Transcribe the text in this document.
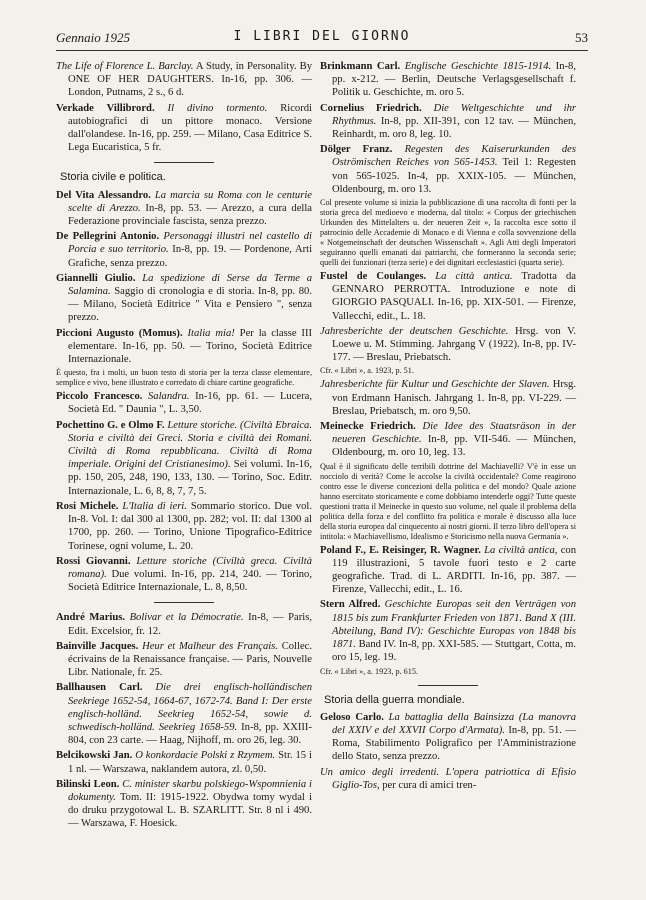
Gennaio 1925	I LIBRI DEL GIORNO	53
The Life of Florence L. Barclay. A Study, in Personality. By ONE OF HER DAUGHTERS. In-16, pp. 306. — London, Putnams, 2 s., 6 d.
Verkade Villibrord. Il divino tormento. Ricordi autobiografici di un pittore monaco. Versione dall'olandese. In-16, pp. 259. — Milano, Casa Editrice S. Lega Eucaristica, 5 fr.
Storia civile e politica.
Del Vita Alessandro. La marcia su Roma con le centurie scelte di Arezzo. In-8, pp. 53. — Arezzo, a cura della Federazione provinciale fascista, senza prezzo.
De Pellegrini Antonio. Personaggi illustri nel castello di Porcia e suo territorio. In-8, pp. 19. — Pordenone, Arti Grafiche, senza prezzo.
Giannelli Giulio. La spedizione di Serse da Terme a Salamina. Saggio di cronologia e di storia. In-8, pp. 80. — Milano, Società Editrice " Vita e Pensiero ", senza prezzo.
Piccioni Augusto (Momus). Italia mia! Per la classe III elementare. In-16, pp. 50. — Torino, Società Editrice Internazionale.
È questo, fra i molti, un buon testo di storia per la terza classe elementare, semplice e vivo, bene illustrato e corredato di chiare cartine geografiche.
Piccolo Francesco. Salandra. In-16, pp. 61. — Lucera, Società Ed. " Daunia ", L. 3,50.
Pochettino G. e Olmo F. Letture storiche. (Civiltà Ebraica. Storia e civiltà dei Greci. Storia e civiltà dei Romani. Civiltà di Roma repubblicana. Civiltà di Roma imperiale. Origini del Cristianesimo). Sei volumi. In-16, pp. 150, 205, 248, 190, 133, 130. — Torino, Soc. Editr. Internazionale, L. 6, 8, 8, 7, 7, 5.
Rosi Michele. L'Italia di ieri. Sommario storico. Due vol. In-8. Vol. I: dal 300 al 1300, pp. 282; vol. II: dal 1300 al 1700, pp. 260. — Torino, Unione Tipografico-Editrice Torinese, ogni volume, L. 20.
Rossi Giovanni. Letture storiche (Civiltà greca. Civiltà romana). Due volumi. In-16, pp. 214, 240. — Torino, Società Editrice Internazionale, L. 8, 8,50.
André Marius. Bolivar et la Démocratie. In-8, — Paris, Edit. Excelsior, fr. 12.
Bainville Jacques. Heur et Malheur des Français. Collec. écrivains de la Renaissance française. — Paris, Nouvelle Libr. Nationale, fr. 25.
Ballhausen Carl. Die drei englisch-holländischen Seekriege 1652-54, 1664-67, 1672-74. Band I: Der erste englisch-holländ. Seekrieg 1652-54, sowie d. schwedisch-holländ. Seekrieg 1658-59. In-8, pp. XXIII-804, con 23 carte. — Haag, Nijhoff, m. oro 26, leg. 30.
Belcikowski Jan. O konkordacie Polski z Rzymem. Str. 15 i 1 nl. — Warszawa, naklandem autora, zl. 0,50.
Bilinski Leon. C. minister skarbu polskiego-Wspomnienia i dokumenty. Tom. II: 1915-1922. Obydwa tomy wydal i do druku przygotowal L. B. SZARLITT. Str. 8 nl i 490. — Warszawa, F. Hoesick.
Brinkmann Carl. Englische Geschichte 1815-1914. In-8, pp. x-212. — Berlin, Deutsche Verlagsgesellschaft f. Politik u. Geschichte, m. oro 5.
Cornelius Friedrich. Die Weltgeschichte und ihr Rhythmus. In-8, pp. XII-391, con 12 tav. — München, Reinhardt, m. oro 8, leg. 10.
Dölger Franz. Regesten des Kaiserurkunden des Oströmischen Reiches von 565-1453. Teil 1: Regesten von 565-1025. In-4, pp. XXIX-105. — München, Oldenbourg, m. oro 13.
Col presente volume si inizia la pubblicazione di una raccolta di fonti per la storia greca del medioevo e moderna, dal titolo: « Corpus der griechischen Urkunden des Mittelalters u. der neueren Zeit », la raccolta esce sotto il patrocinio delle Accademie di Monaco e di Vienna e colla sovvenzione della « Notgemeinschaft der deutschen Wissenschaft ». Agli Atti degli Imperatori seguiranno quelli emanati dai patriarchi, che formeranno la seconda serie; quelli dei funzionari (terza serie) e dei dignitari ecclesiastici (quarta serie).
Fustel de Coulanges. La città antica. Tradotta da GENNARO PERROTTA. Introduzione e note di GIORGIO PASQUALI. In-16, pp. XIX-501. — Firenze, Vallecchi, edit., L. 18.
Jahresberichte der deutschen Geschichte. Hrsg. von V. Loewe u. M. Stimming. Jahrgang V (1922). In-8, pp. IV-177. — Breslau, Priebatsch.
Cfr. « Libri », a. 1923, p. 51.
Jahresberichte für Kultur und Geschichte der Slaven. Hrsg. von Erdmann Hanisch. Jahrgang 1. In-8, pp. VI-229. — Breslau, Priebatsch, m. oro 9,50.
Meinecke Friedrich. Die Idee des Staatsräson in der neueren Geschichte. In-8, pp. VII-546. — München, Oldenbourg, m. oro 10, leg. 13.
Qual è il significato delle terribili dottrine del Machiavelli? V'è in esse un nocciolo di verità? Come le accolse la civiltà occidentale? Come reagirono contro esse le diverse concezioni della politica e del mondo? Quale azione hanno esercitato storicamente e come dobbiamo intenderle oggi? Tutte queste questioni tratta il Meinecke in questo suo volume, nel quale il problema della politica della forza e del conflitto fra politica e morale è discusso alla luce della storia europea dal cinquecento ai nostri giorni. Il terzo libro dell'opera si intitola: « Machiavellismo, Idealismo e Storicismo nella nuova Germania ».
Poland F., E. Reisinger, R. Wagner. La civiltà antica, con 119 illustrazioni, 5 tavole fuori testo e 2 carte geografiche. Trad. di L. ARDITI. In-16, pp. 387. — Firenze, Vallecchi, edit., L. 16.
Stern Alfred. Geschichte Europas seit den Verträgen von 1815 bis zum Frankfurter Frieden von 1871. Band X (III. Abteilung, Band IV): Geschichte Europas von 1848 bis 1871. Band IV. In-8, pp. XXI-585. — Stuttgart, Cotta, m. oro 15, leg. 19.
Cfr. « Libri », a. 1923, p. 615.
Storia della guerra mondiale.
Geloso Carlo. La battaglia della Bainsizza (La manovra del XXIV e del XXVII Corpo d'Armata). In-8, pp. 51. — Roma, Stabilimento Poligrafico per l'Amministrazione dello Stato, senza prezzo.
Un amico degli irredenti. L'opera patriottica di Efisio Giglio-Tos, per cura di amici tren-
